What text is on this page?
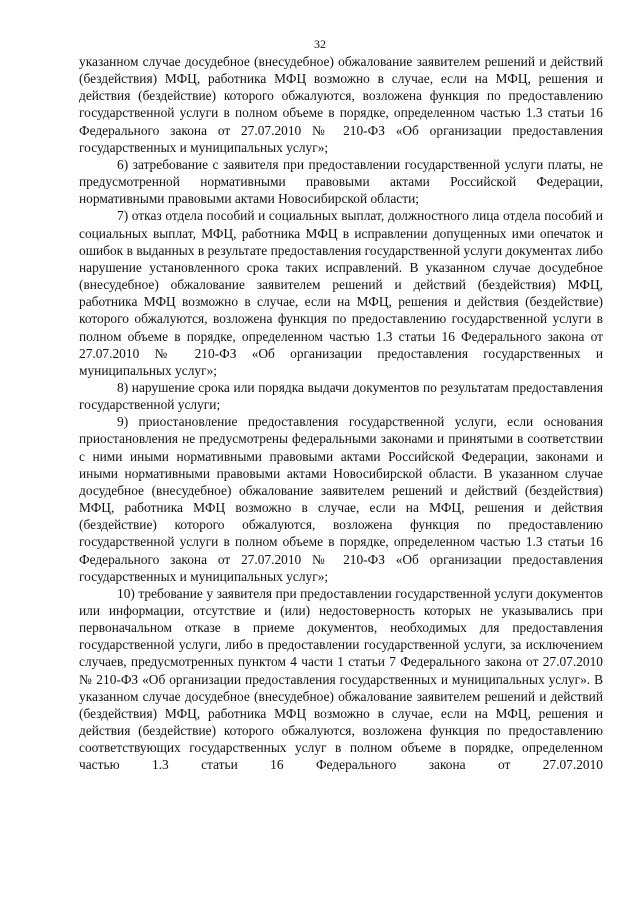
32

указанном случае досудебное (внесудебное) обжалование заявителем решений и действий (бездействия) МФЦ, работника МФЦ возможно в случае, если на МФЦ, решения и действия (бездействие) которого обжалуются, возложена функция по предоставлению государственной услуги в полном объеме в порядке, определенном частью 1.3 статьи 16 Федерального закона от 27.07.2010 № 210-ФЗ «Об организации предоставления государственных и муниципальных услуг»;

6) затребование с заявителя при предоставлении государственной услуги платы, не предусмотренной нормативными правовыми актами Российской Федерации, нормативными правовыми актами Новосибирской области;

7) отказ отдела пособий и социальных выплат, должностного лица отдела пособий и социальных выплат, МФЦ, работника МФЦ в исправлении допущенных ими опечаток и ошибок в выданных в результате предоставления государственной услуги документах либо нарушение установленного срока таких исправлений. В указанном случае досудебное (внесудебное) обжалование заявителем решений и действий (бездействия) МФЦ, работника МФЦ возможно в случае, если на МФЦ, решения и действия (бездействие) которого обжалуются, возложена функция по предоставлению государственной услуги в полном объеме в порядке, определенном частью 1.3 статьи 16 Федерального закона от 27.07.2010 № 210-ФЗ «Об организации предоставления государственных и муниципальных услуг»;

8) нарушение срока или порядка выдачи документов по результатам предоставления государственной услуги;

9) приостановление предоставления государственной услуги, если основания приостановления не предусмотрены федеральными законами и принятыми в соответствии с ними иными нормативными правовыми актами Российской Федерации, законами и иными нормативными правовыми актами Новосибирской области. В указанном случае досудебное (внесудебное) обжалование заявителем решений и действий (бездействия) МФЦ, работника МФЦ возможно в случае, если на МФЦ, решения и действия (бездействие) которого обжалуются, возложена функция по предоставлению государственной услуги в полном объеме в порядке, определенном частью 1.3 статьи 16 Федерального закона от 27.07.2010 № 210-ФЗ «Об организации предоставления государственных и муниципальных услуг»;

10) требование у заявителя при предоставлении государственной услуги документов или информации, отсутствие и (или) недостоверность которых не указывались при первоначальном отказе в приеме документов, необходимых для предоставления государственной услуги, либо в предоставлении государственной услуги, за исключением случаев, предусмотренных пунктом 4 части 1 статьи 7 Федерального закона от 27.07.2010 № 210-ФЗ «Об организации предоставления государственных и муниципальных услуг». В указанном случае досудебное (внесудебное) обжалование заявителем решений и действий (бездействия) МФЦ, работника МФЦ возможно в случае, если на МФЦ, решения и действия (бездействие) которого обжалуются, возложена функция по предоставлению соответствующих государственных услуг в полном объеме в порядке, определенном частью 1.3 статьи 16 Федерального закона от 27.07.2010
